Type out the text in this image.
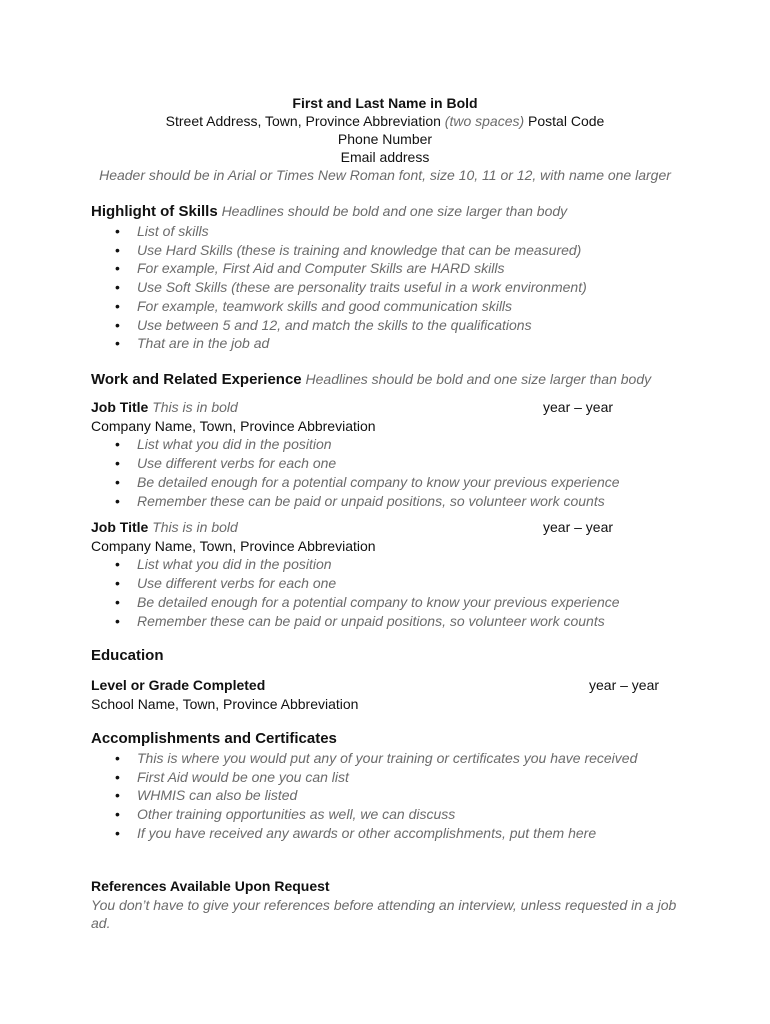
First and Last Name in Bold
Street Address, Town, Province Abbreviation (two spaces) Postal Code
Phone Number
Email address
Header should be in Arial or Times New Roman font, size 10, 11 or 12, with name one larger
Highlight of Skills Headlines should be bold and one size larger than body
• List of skills
• Use Hard Skills (these is training and knowledge that can be measured)
• For example, First Aid and Computer Skills are HARD skills
• Use Soft Skills (these are personality traits useful in a work environment)
• For example, teamwork skills and good communication skills
• Use between 5 and 12, and match the skills to the qualifications
• That are in the job ad
Work and Related Experience Headlines should be bold and one size larger than body
Job Title This is in bold	year – year
Company Name, Town, Province Abbreviation
• List what you did in the position
• Use different verbs for each one
• Be detailed enough for a potential company to know your previous experience
• Remember these can be paid or unpaid positions, so volunteer work counts
Job Title This is in bold	year – year
Company Name, Town, Province Abbreviation
• List what you did in the position
• Use different verbs for each one
• Be detailed enough for a potential company to know your previous experience
• Remember these can be paid or unpaid positions, so volunteer work counts
Education
Level or Grade Completed	year – year
School Name, Town, Province Abbreviation
Accomplishments and Certificates
• This is where you would put any of your training or certificates you have received
• First Aid would be one you can list
• WHMIS can also be listed
• Other training opportunities as well, we can discuss
• If you have received any awards or other accomplishments, put them here
References Available Upon Request
You don’t have to give your references before attending an interview, unless requested in a job ad.
